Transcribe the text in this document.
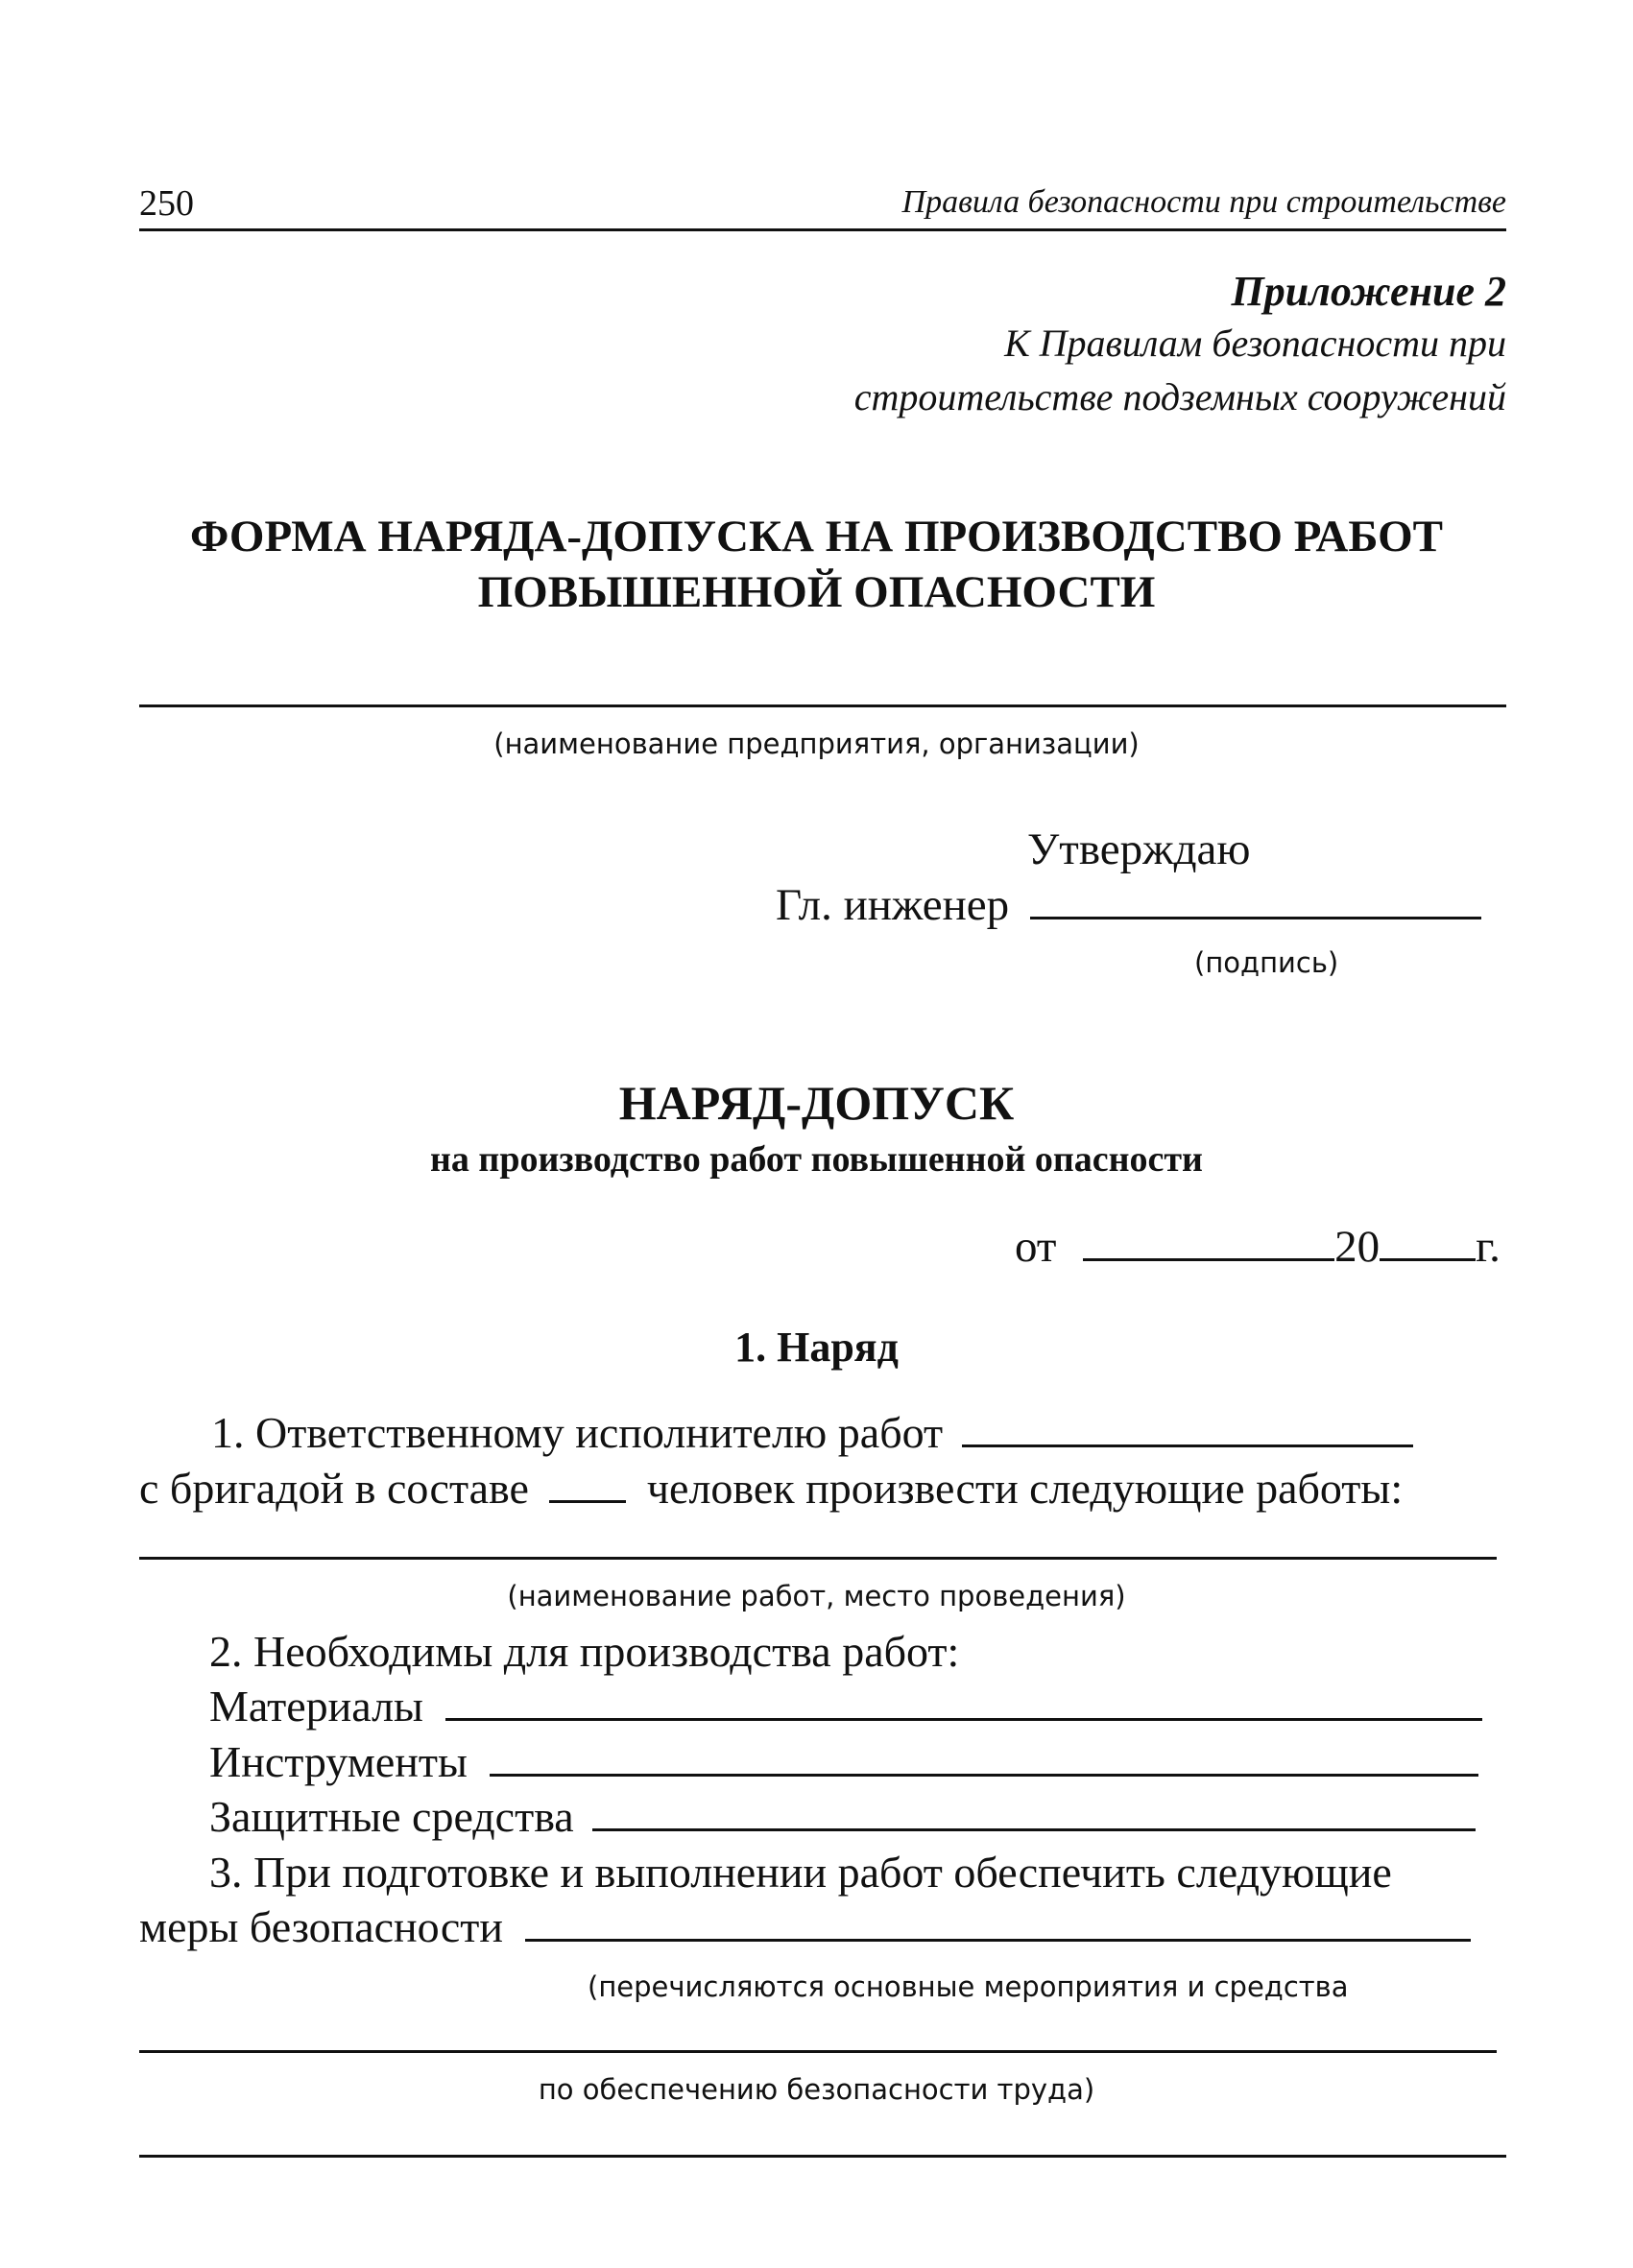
250	Правила безопасности при строительстве
Приложение 2
К Правилам безопасности при
строительстве подземных сооружений
ФОРМА НАРЯДА-ДОПУСКА НА ПРОИЗВОДСТВО РАБОТ
ПОВЫШЕННОЙ ОПАСНОСТИ
(наименование предприятия, организации)
Утверждаю
Гл. инженер
(подпись)
НАРЯД-ДОПУСК
на производство работ повышенной опасности
от	20 г.
1. Наряд
1. Ответственному исполнителю работ
с бригадой в составе	человек произвести следующие работы:
(наименование работ, место проведения)
2. Необходимы для производства работ:
Материалы
Инструменты
Защитные средства
3. При подготовке и выполнении работ обеспечить следующие
меры безопасности
(перечисляются основные мероприятия и средства
по обеспечению безопасности труда)
